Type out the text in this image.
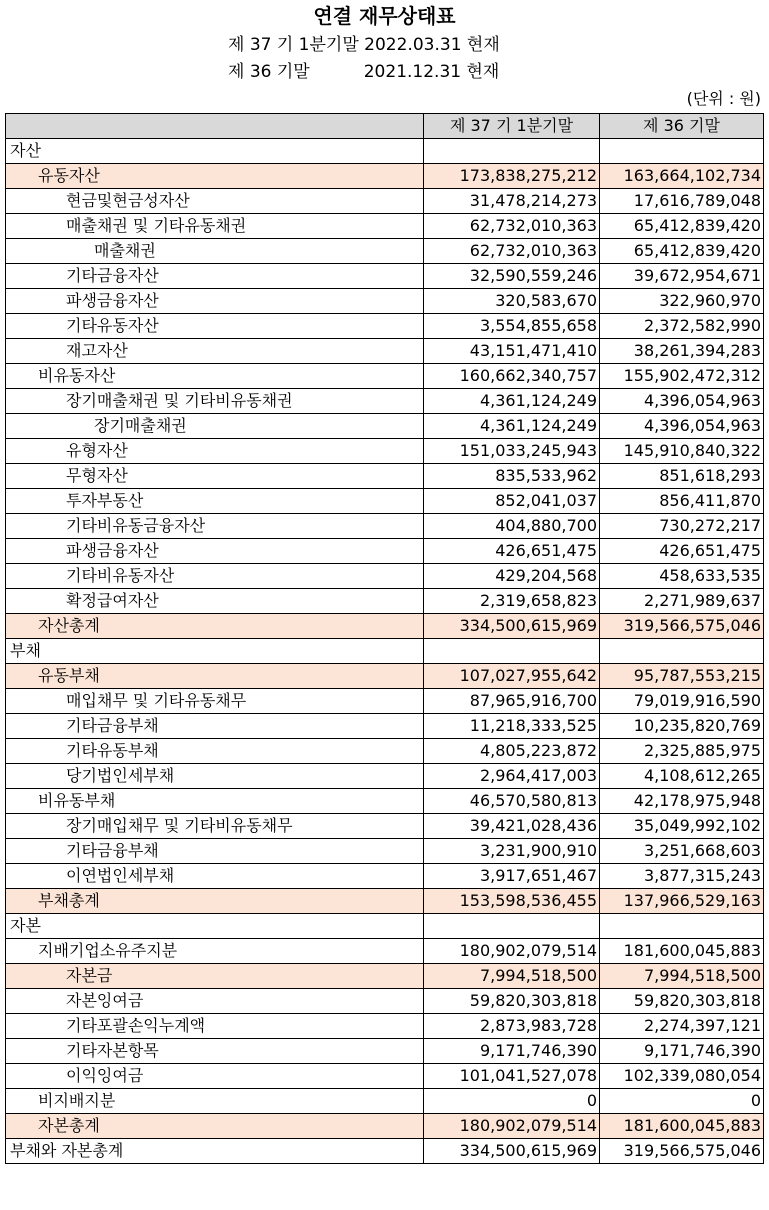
연결 재무상태표
제 37 기 1분기말 2022.03.31 현재
제 36 기말          2021.12.31 현재
(단위 : 원)
	제 37 기 1분기말	제 36 기말
자산		
유동자산	173,838,275,212	163,664,102,734
현금및현금성자산	31,478,214,273	17,616,789,048
매출채권 및 기타유동채권	62,732,010,363	65,412,839,420
매출채권	62,732,010,363	65,412,839,420
기타금융자산	32,590,559,246	39,672,954,671
파생금융자산	320,583,670	322,960,970
기타유동자산	3,554,855,658	2,372,582,990
재고자산	43,151,471,410	38,261,394,283
비유동자산	160,662,340,757	155,902,472,312
장기매출채권 및 기타비유동채권	4,361,124,249	4,396,054,963
장기매출채권	4,361,124,249	4,396,054,963
유형자산	151,033,245,943	145,910,840,322
무형자산	835,533,962	851,618,293
투자부동산	852,041,037	856,411,870
기타비유동금융자산	404,880,700	730,272,217
파생금융자산	426,651,475	426,651,475
기타비유동자산	429,204,568	458,633,535
확정급여자산	2,319,658,823	2,271,989,637
자산총계	334,500,615,969	319,566,575,046
부채		
유동부채	107,027,955,642	95,787,553,215
매입채무 및 기타유동채무	87,965,916,700	79,019,916,590
기타금융부채	11,218,333,525	10,235,820,769
기타유동부채	4,805,223,872	2,325,885,975
당기법인세부채	2,964,417,003	4,108,612,265
비유동부채	46,570,580,813	42,178,975,948
장기매입채무 및 기타비유동채무	39,421,028,436	35,049,992,102
기타금융부채	3,231,900,910	3,251,668,603
이연법인세부채	3,917,651,467	3,877,315,243
부채총계	153,598,536,455	137,966,529,163
자본		
지배기업소유주지분	180,902,079,514	181,600,045,883
자본금	7,994,518,500	7,994,518,500
자본잉여금	59,820,303,818	59,820,303,818
기타포괄손익누계액	2,873,983,728	2,274,397,121
기타자본항목	9,171,746,390	9,171,746,390
이익잉여금	101,041,527,078	102,339,080,054
비지배지분	0	0
자본총계	180,902,079,514	181,600,045,883
부채와 자본총계	334,500,615,969	319,566,575,046
